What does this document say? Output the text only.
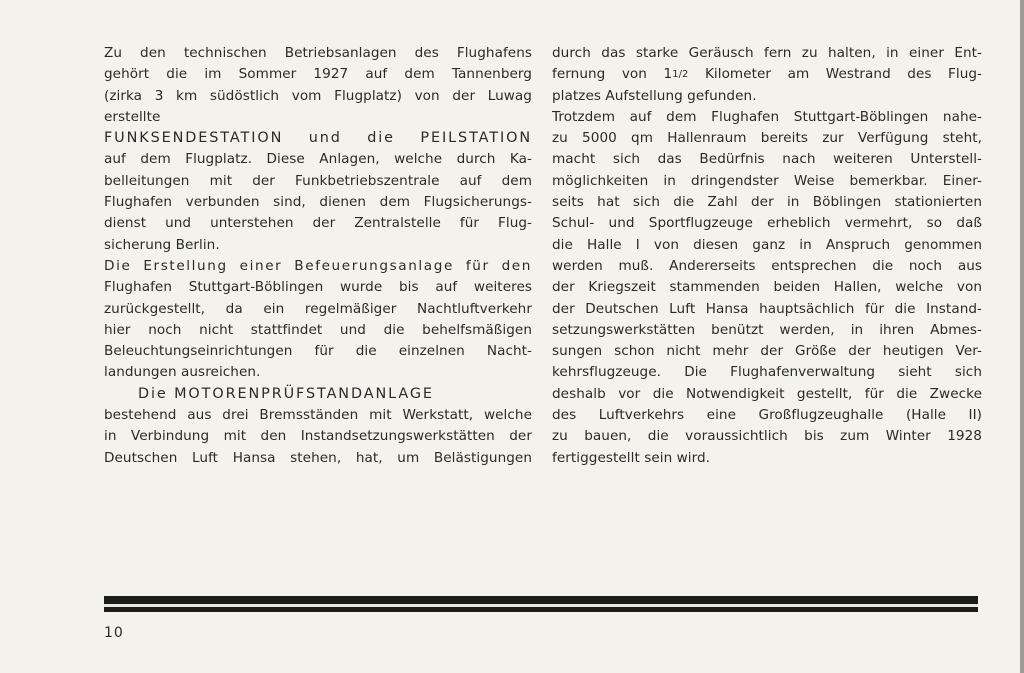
Zu den technischen Betriebsanlagen des Flughafens
gehört die im Sommer 1927 auf dem Tannenberg
(zirka 3 km südöstlich vom Flugplatz) von der Luwag
erstellte
FUNKSENDESTATION und die PEILSTATION
auf dem Flugplatz. Diese Anlagen, welche durch Ka-
belleitungen mit der Funkbetriebszentrale auf dem
Flughafen verbunden sind, dienen dem Flugsicherungs-
dienst und unterstehen der Zentralstelle für Flug-
sicherung Berlin.
Die Erstellung einer Befeuerungsanlage für den
Flughafen Stuttgart-Böblingen wurde bis auf weiteres
zurückgestellt, da ein regelmäßiger Nachtluftverkehr
hier noch nicht stattfindet und die behelfsmäßigen
Beleuchtungseinrichtungen für die einzelnen Nacht-
landungen ausreichen.
Die MOTORENPRÜFSTANDANLAGE
bestehend aus drei Bremsständen mit Werkstatt, welche
in Verbindung mit den Instandsetzungswerkstätten der
Deutschen Luft Hansa stehen, hat, um Belästigungen
durch das starke Geräusch fern zu halten, in einer Ent-
fernung von 11/2 Kilometer am Westrand des Flug-
platzes Aufstellung gefunden.
Trotzdem auf dem Flughafen Stuttgart-Böblingen nahe-
zu 5000 qm Hallenraum bereits zur Verfügung steht,
macht sich das Bedürfnis nach weiteren Unterstell-
möglichkeiten in dringendster Weise bemerkbar. Einer-
seits hat sich die Zahl der in Böblingen stationierten
Schul- und Sportflugzeuge erheblich vermehrt, so daß
die Halle I von diesen ganz in Anspruch genommen
werden muß. Andererseits entsprechen die noch aus
der Kriegszeit stammenden beiden Hallen, welche von
der Deutschen Luft Hansa hauptsächlich für die Instand-
setzungswerkstätten benützt werden, in ihren Abmes-
sungen schon nicht mehr der Größe der heutigen Ver-
kehrsflugzeuge. Die Flughafenverwaltung sieht sich
deshalb vor die Notwendigkeit gestellt, für die Zwecke
des Luftverkehrs eine Großflugzeughalle (Halle II)
zu bauen, die voraussichtlich bis zum Winter 1928
fertiggestellt sein wird.
10
